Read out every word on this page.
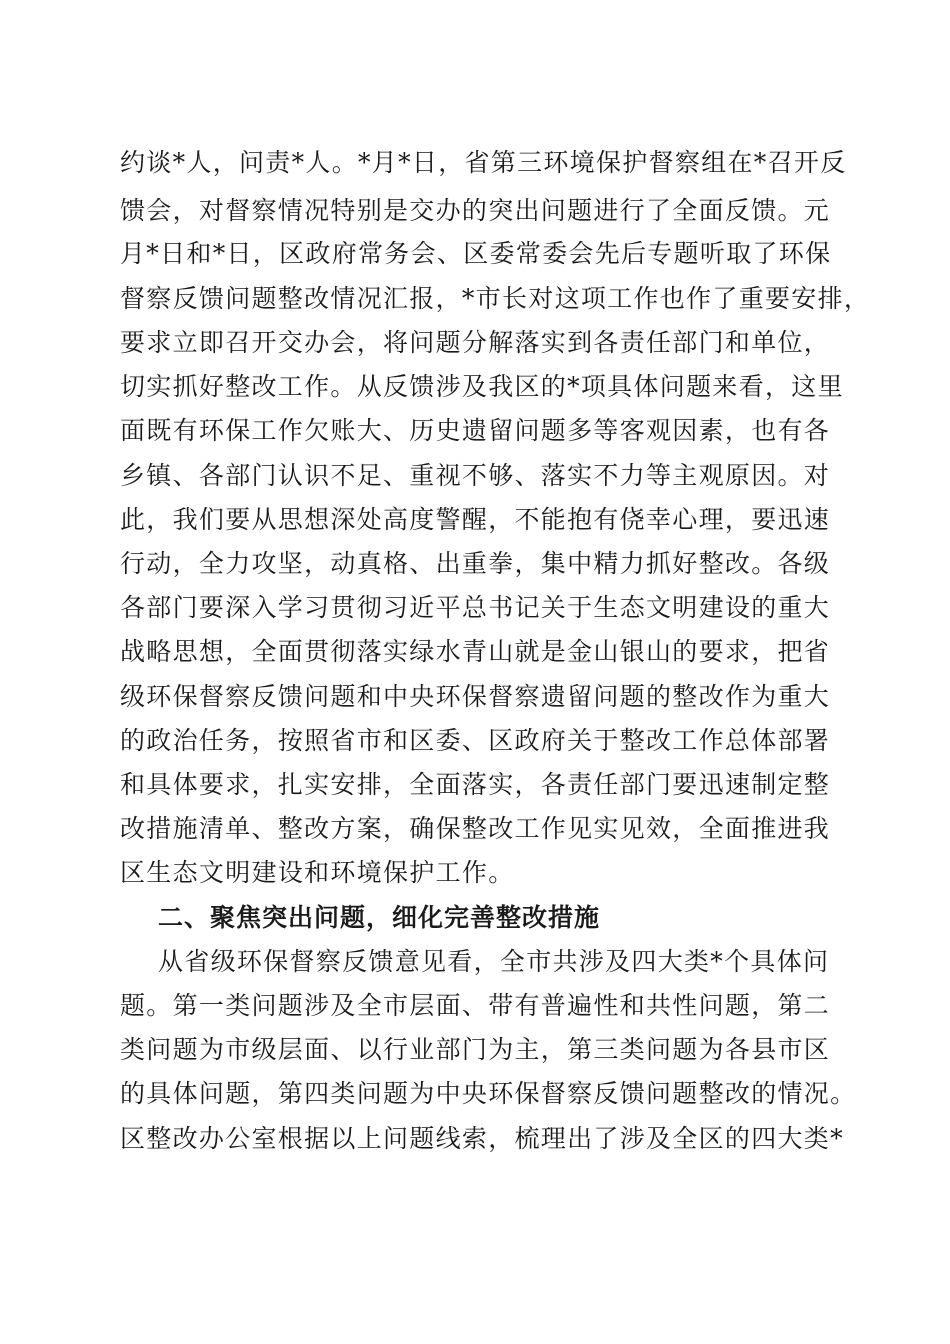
约谈*人，问责*人。*月*日，省第三环境保护督察组在*召开反
馈会，对督察情况特别是交办的突出问题进行了全面反馈。元
月*日和*日，区政府常务会、区委常委会先后专题听取了环保
督察反馈问题整改情况汇报，*市长对这项工作也作了重要安排，
要求立即召开交办会，将问题分解落实到各责任部门和单位，
切实抓好整改工作。从反馈涉及我区的*项具体问题来看，这里
面既有环保工作欠账大、历史遗留问题多等客观因素，也有各
乡镇、各部门认识不足、重视不够、落实不力等主观原因。对
此，我们要从思想深处高度警醒，不能抱有侥幸心理，要迅速
行动，全力攻坚，动真格、出重拳，集中精力抓好整改。各级
各部门要深入学习贯彻习近平总书记关于生态文明建设的重大
战略思想，全面贯彻落实绿水青山就是金山银山的要求，把省
级环保督察反馈问题和中央环保督察遗留问题的整改作为重大
的政治任务，按照省市和区委、区政府关于整改工作总体部署
和具体要求，扎实安排，全面落实，各责任部门要迅速制定整
改措施清单、整改方案，确保整改工作见实见效，全面推进我
区生态文明建设和环境保护工作。
二、聚焦突出问题，细化完善整改措施
从省级环保督察反馈意见看，全市共涉及四大类*个具体问
题。第一类问题涉及全市层面、带有普遍性和共性问题，第二
类问题为市级层面、以行业部门为主，第三类问题为各县市区
的具体问题，第四类问题为中央环保督察反馈问题整改的情况。
区整改办公室根据以上问题线索，梳理出了涉及全区的四大类*
